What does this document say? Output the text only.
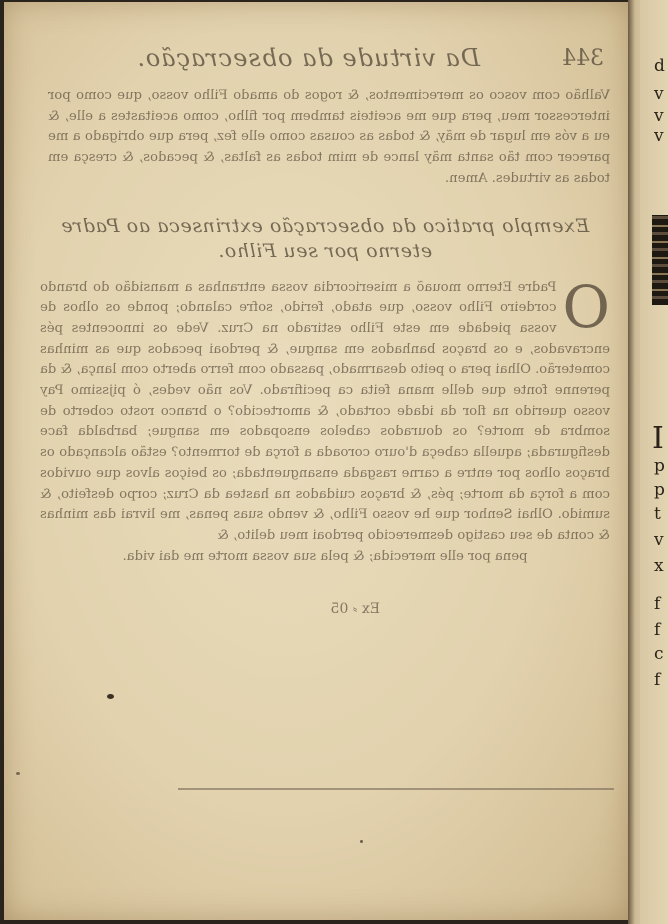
344
Da virtude da obsecração.

Valhão com vosco os merecimentos, & rogos do amado Filho vosso, que como por intercessor meu, pera que me aceiteis tambem por filho, como aceitastes a elle, & eu a vós em lugar de mãy, & todas as cousas como elle fez, pera que obrigado a me parecer com tão santa mãy lance de mim todas as faltas, & pecados, & cresça em todas as virtudes. Amen.

Exemplo pratico da obsecração extrinseca ao Padre eterno por seu Filho.

O
Padre Eterno mouaõ a misericordia vossa entranhas a mansidão do brando cordeiro Filho vosso, que atado, ferido, sofre calando; ponde os olhos de vossa piedade em este Filho estirado na Cruz. Vede os innocentes pés encravados, e os braços banhados em sangue, & perdoai pecados que as minhas cometerão. Olhai pera o peito desarmado, passado com ferro aberto com lança, & da perenne fonte que delle mana feita ca pecifirado. Vos não vedes, ó pijssimo Pay vosso querido na flor da idade cortado, & amortecido? o branco rosto coberto de sombra de morte? os dourados cabelos ensopados em sangue; barbalda face desfigurada; aquella cabeça d'ouro coroada a força de tormento? estão alcançado os braços olhos por entre a carne rasgada ensanguentada; os beiços alvos que ouvidos com a força da morte; pés, & braços cuidados na hastea da Cruz; corpo desfeito, & sumido. Olhai Senhor que he vosso Filho, & vendo suas penas, me livrai das minhas & conta de seu castigo desmerecido perdoai meu delito, &

pena por elle merecida; & pela sua vossa morte me dai vida.
Ex ⸗ 05
d
v
v
v
I
p
p
t
v
x
f
f
c
f
